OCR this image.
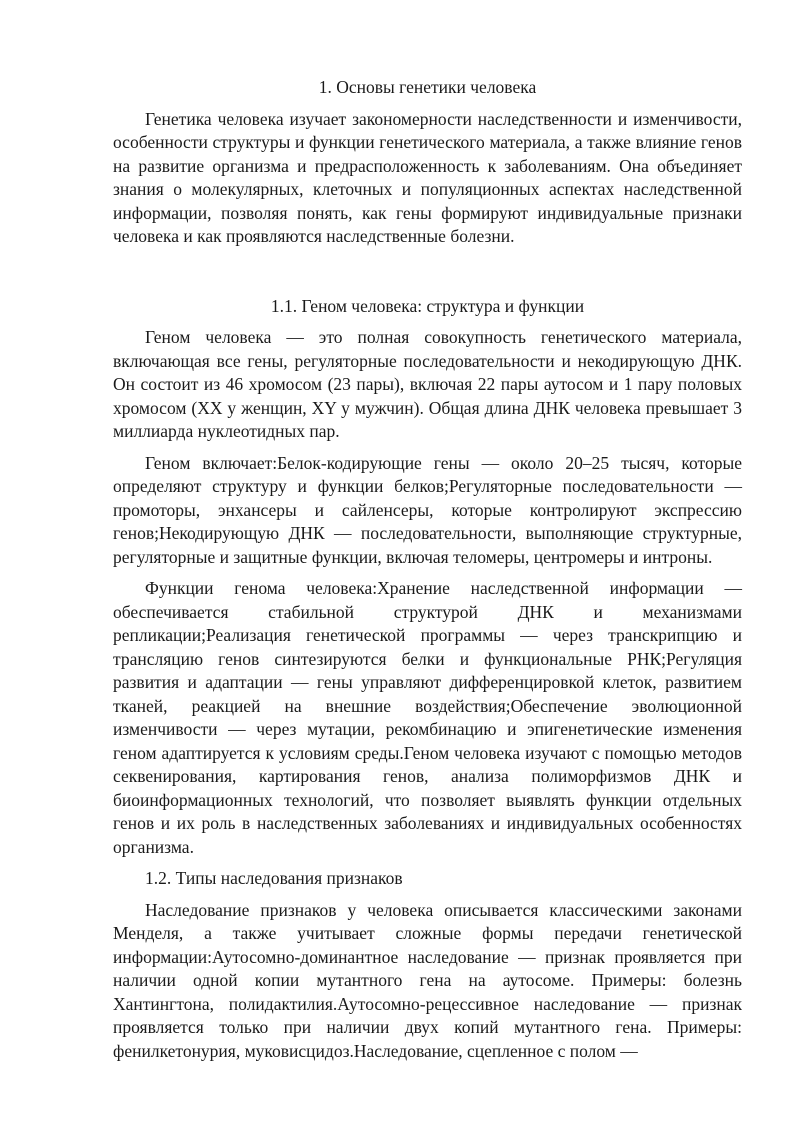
1. Основы генетики человека

Генетика человека изучает закономерности наследственности и изменчивости, особенности структуры и функции генетического материала, а также влияние генов на развитие организма и предрасположенность к заболеваниям. Она объединяет знания о молекулярных, клеточных и популяционных аспектах наследственной информации, позволяя понять, как гены формируют индивидуальные признаки человека и как проявляются наследственные болезни.

1.1. Геном человека: структура и функции

Геном человека — это полная совокупность генетического материала, включающая все гены, регуляторные последовательности и некодирующую ДНК. Он состоит из 46 хромосом (23 пары), включая 22 пары аутосом и 1 пару половых хромосом (XX у женщин, XY у мужчин). Общая длина ДНК человека превышает 3 миллиарда нуклеотидных пар.

Геном включает:Белок-кодирующие гены — около 20–25 тысяч, которые определяют структуру и функции белков;Регуляторные последовательности — промоторы, энхансеры и сайленсеры, которые контролируют экспрессию генов;Некодирующую ДНК — последовательности, выполняющие структурные, регуляторные и защитные функции, включая теломеры, центромеры и интроны.

Функции генома человека:Хранение наследственной информации — обеспечивается стабильной структурой ДНК и механизмами репликации;Реализация генетической программы — через транскрипцию и трансляцию генов синтезируются белки и функциональные РНК;Регуляция развития и адаптации — гены управляют дифференцировкой клеток, развитием тканей, реакцией на внешние воздействия;Обеспечение эволюционной изменчивости — через мутации, рекомбинацию и эпигенетические изменения геном адаптируется к условиям среды.Геном человека изучают с помощью методов секвенирования, картирования генов, анализа полиморфизмов ДНК и биоинформационных технологий, что позволяет выявлять функции отдельных генов и их роль в наследственных заболеваниях и индивидуальных особенностях организма.

1.2. Типы наследования признаков

Наследование признаков у человека описывается классическими законами Менделя, а также учитывает сложные формы передачи генетической информации:Аутосомно-доминантное наследование — признак проявляется при наличии одной копии мутантного гена на аутосоме. Примеры: болезнь Хантингтона, полидактилия.Аутосомно-рецессивное наследование — признак проявляется только при наличии двух копий мутантного гена. Примеры: фенилкетонурия, муковисцидоз.Наследование, сцепленное с полом —
